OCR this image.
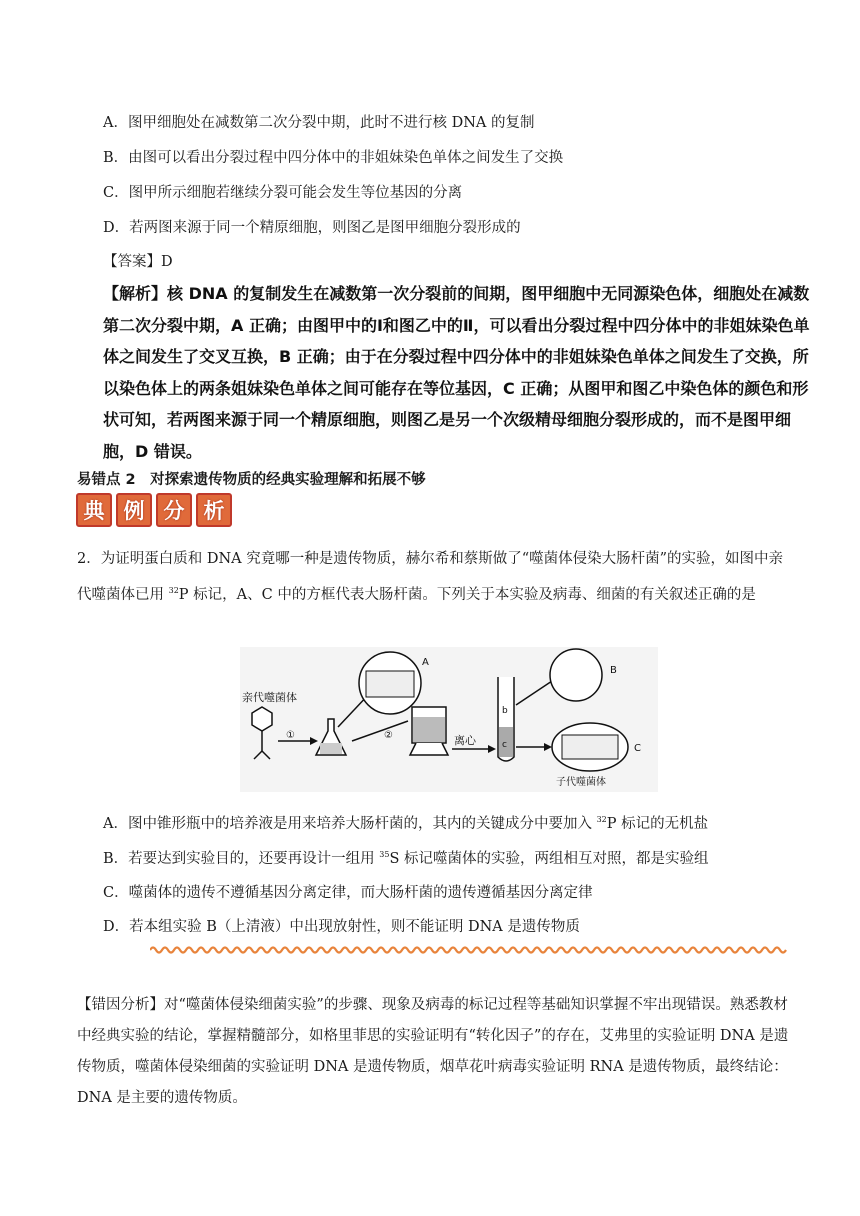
A．图甲细胞处在减数第二次分裂中期，此时不进行核 DNA 的复制
B．由图可以看出分裂过程中四分体中的非姐妹染色单体之间发生了交换
C．图甲所示细胞若继续分裂可能会发生等位基因的分离
D．若两图来源于同一个精原细胞，则图乙是图甲细胞分裂形成的
【答案】D
【解析】核 DNA 的复制发生在减数第一次分裂前的间期，图甲细胞中无同源染色体，细胞处在减数第二次分裂中期，A 正确；由图甲中的Ⅰ和图乙中的Ⅱ，可以看出分裂过程中四分体中的非姐妹染色单体之间发生了交叉互换，B 正确；由于在分裂过程中四分体中的非姐妹染色单体之间发生了交换，所以染色体上的两条姐妹染色单体之间可能存在等位基因，C 正确；从图甲和图乙中染色体的颜色和形状可知，若两图来源于同一个精原细胞，则图乙是另一个次级精母细胞分裂形成的，而不是图甲细胞，D 错误。
易错点 2　对探索遗传物质的经典实验理解和拓展不够
典 例 分 析
2．为证明蛋白质和 DNA 究竟哪一种是遗传物质，赫尔希和蔡斯做了“噬菌体侵染大肠杆菌”的实验，如图中亲代噬菌体已用 $^{32}$P 标记，A、C 中的方框代表大肠杆菌。下列关于本实验及病毒、细菌的有关叙述正确的是
亲代噬菌体
①
A
②	离心
b
c
B
C
子代噬菌体
A．图中锥形瓶中的培养液是用来培养大肠杆菌的，其内的关键成分中要加入 $^{32}$P 标记的无机盐
B．若要达到实验目的，还要再设计一组用 $^{35}$S 标记噬菌体的实验，两组相互对照，都是实验组
C．噬菌体的遗传不遵循基因分离定律，而大肠杆菌的遗传遵循基因分离定律
D．若本组实验 B（上清液）中出现放射性，则不能证明 DNA 是遗传物质
【错因分析】对“噬菌体侵染细菌实验”的步骤、现象及病毒的标记过程等基础知识掌握不牢出现错误。熟悉教材中经典实验的结论，掌握精髓部分，如格里菲思的实验证明有“转化因子”的存在，艾弗里的实验证明 DNA 是遗传物质，噬菌体侵染细菌的实验证明 DNA 是遗传物质，烟草花叶病毒实验证明 RNA 是遗传物质，最终结论：DNA 是主要的遗传物质。
